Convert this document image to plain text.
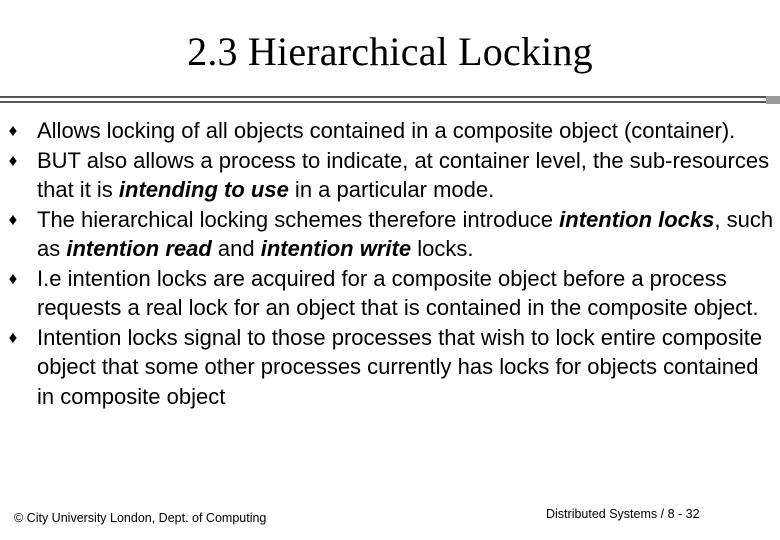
2.3 Hierarchical Locking
♦ Allows locking of all objects contained in a composite object (container).
♦ BUT also allows a process to indicate, at container level, the sub-resources that it is intending to use in a particular mode.
♦ The hierarchical locking schemes therefore introduce intention locks, such as intention read and intention write locks.
♦ I.e intention locks are acquired for a composite object before a process requests a real lock for an object that is contained in the composite object.
♦ Intention locks signal to those processes that wish to lock entire composite object that some other processes currently has locks for objects contained in composite object
© City University London, Dept. of Computing	Distributed Systems / 8 - 32
